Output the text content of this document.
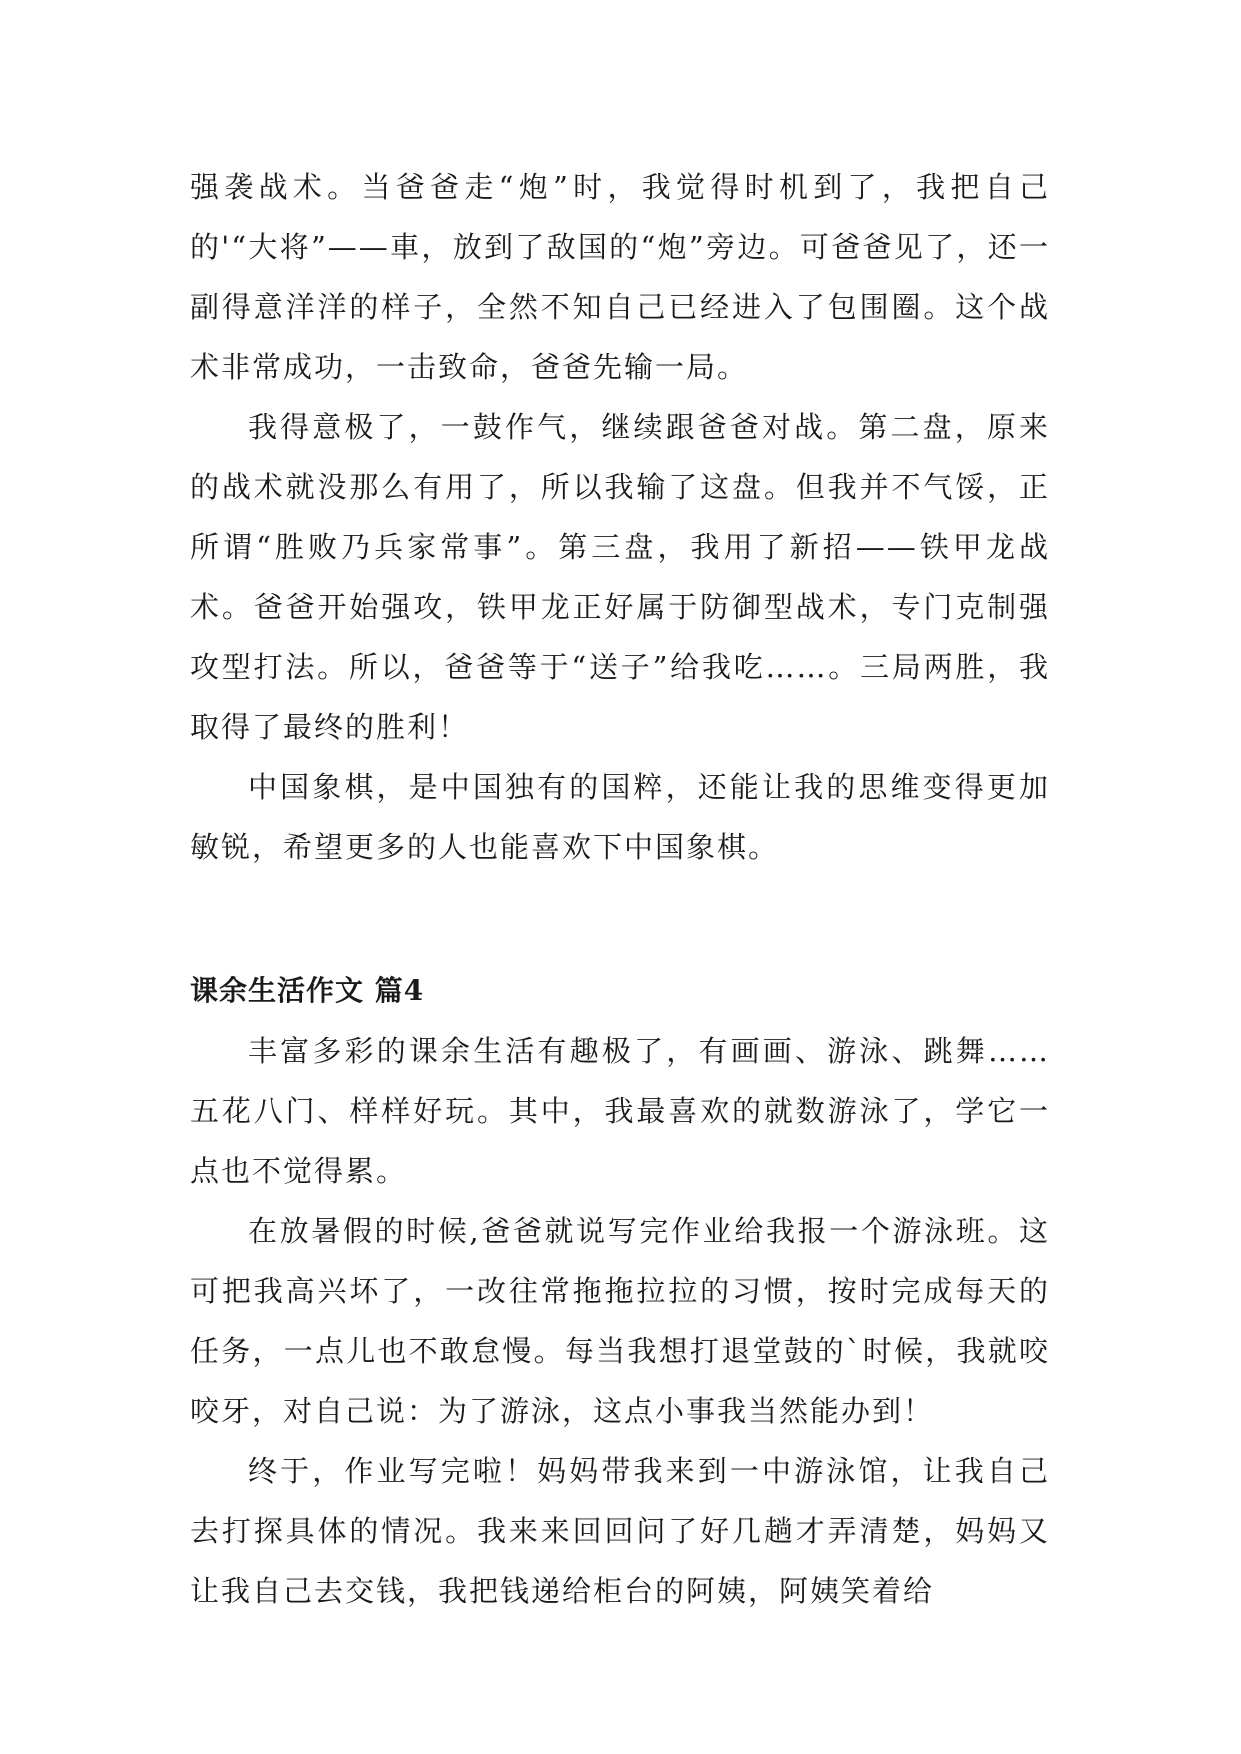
强袭战术。当爸爸走“炮”时，我觉得时机到了，我把自己的'“大将”——車，放到了敌国的“炮”旁边。可爸爸见了，还一副得意洋洋的样子，全然不知自己已经进入了包围圈。这个战术非常成功，一击致命，爸爸先输一局。

我得意极了，一鼓作气，继续跟爸爸对战。第二盘，原来的战术就没那么有用了，所以我输了这盘。但我并不气馁，正所谓“胜败乃兵家常事”。第三盘，我用了新招——铁甲龙战术。爸爸开始强攻，铁甲龙正好属于防御型战术，专门克制强攻型打法。所以，爸爸等于“送子”给我吃……。三局两胜，我取得了最终的胜利！

中国象棋，是中国独有的国粹，还能让我的思维变得更加敏锐，希望更多的人也能喜欢下中国象棋。

课余生活作文 篇4

丰富多彩的课余生活有趣极了，有画画、游泳、跳舞……五花八门、样样好玩。其中，我最喜欢的就数游泳了，学它一点也不觉得累。

在放暑假的时候,爸爸就说写完作业给我报一个游泳班。这可把我高兴坏了，一改往常拖拖拉拉的习惯，按时完成每天的任务，一点儿也不敢怠慢。每当我想打退堂鼓的`时候，我就咬咬牙，对自己说：为了游泳，这点小事我当然能办到！

终于，作业写完啦！妈妈带我来到一中游泳馆，让我自己去打探具体的情况。我来来回回问了好几趟才弄清楚，妈妈又让我自己去交钱，我把钱递给柜台的阿姨，阿姨笑着给
